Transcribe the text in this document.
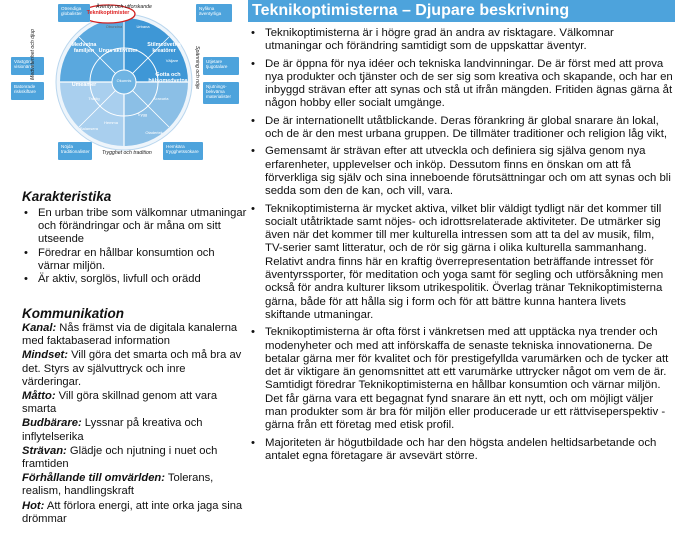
Otrendiga globalister
Nyfikna äventyrliga
Växtgöra visionärer
Utjetare tjugotalare
Batonrade riskskiftare
Njutnings-bekväma materialister
Nöjda traditionalister
Hemkära trygghetssökare
Äventyr och utforskande
Trygghet och tradition
Medvetenhet och djup	Spänning och nöje
Teknikoptimister
Medvetna familjen Unga aktivister
Stilmedvetna kreatörer
Gotta och hälsomedvetna
Umeåmer
Obundna	Urbana
Väljare
Okunnis
Kraxuria
Trädig
Trygg
Hemma
Balansera
Otaderiek
Karakteristika
• En urban tribe som välkomnar utmaningar och förändringar och är måna om sitt utseende
• Föredrar en hållbar konsumtion och värnar miljön.
• Är aktiv, sorglös, livfull och orädd
Kommunikation
Kanal: Nås främst via de digitala kanalerna med faktabaserad information
Mindset: Vill göra det smarta och må bra av det. Styrs av självuttryck och inre värderingar.
Måtto: Vill göra skillnad genom att vara smarta
Budbärare: Lyssnar på kreativa och inflytelserika
Strävan: Glädje och njutning i nuet och framtiden
Förhållande till omvärlden: Tolerans, realism, handlingskraft
Hot: Att förlora energi, att inte orka jaga sina drömmar
Teknikoptimisterna – Djupare beskrivning
• Teknikoptimisterna är i högre grad än andra av risktagare. Välkomnar utmaningar och förändring samtidigt som de uppskattar äventyr.
• De är öppna för nya idéer och tekniska landvinningar. De är först med att prova nya produkter och tjänster och de ser sig som kreativa och skapande, och har en inbyggd strävan efter att synas och stå ut ifrån mängden. Fritiden ägnas gärna åt någon hobby eller socialt umgänge.
• De är internationellt utåtblickande. Deras förankring är global snarare än lokal, och de är den mest urbana gruppen. De tillmäter traditioner och religion låg vikt,
• Gemensamt är strävan efter att utveckla och definiera sig själva genom nya erfarenheter, upplevelser och inköp. Dessutom finns en önskan om att få förverkliga sig själv och sina inneboende förutsättningar och om att synas och bli sedda som den de kan, och vill, vara.
• Teknikoptimisterna är mycket aktiva, vilket blir väldigt tydligt när det kommer till socialt utåtriktade samt nöjes- och idrottsrelaterade aktiviteter. De utmärker sig även när det kommer till mer kulturella intressen som att ta del av musik, film, TV-serier samt litteratur, och de rör sig gärna i olika kulturella sammanhang. Relativt andra finns här en kraftig överrepresentation beträffande intresset för äventyrssporter, för meditation och yoga samt för segling och utförsåkning men också för andra kulturer liksom utrikespolitik. Överlag tränar Teknikoptimisterna gärna, både för att hålla sig i form och för att bättre kunna hantera livets skiftande utmaningar.
• Teknikoptimisterna är ofta först i vänkretsen med att upptäcka nya trender och modenyheter och med att införskaffa de senaste tekniska innovationerna. De betalar gärna mer för kvalitet och för prestigefyllda varumärken och de tycker att det är viktigare än genomsnittet att ett varumärke uttrycker något om vem de är. Samtidigt föredrar Teknikoptimisterna en hållbar konsumtion och värnar miljön. Det får gärna vara ett begagnat fynd snarare än ett nytt, och om möjligt väljer man produkter som är bra för miljön eller producerade ur ett rättviseperspektiv -gärna från ett företag med etisk profil.
• Majoriteten är högutbildade och har den högsta andelen heltidsarbetande och antalet egna företagare är avsevärt större.
